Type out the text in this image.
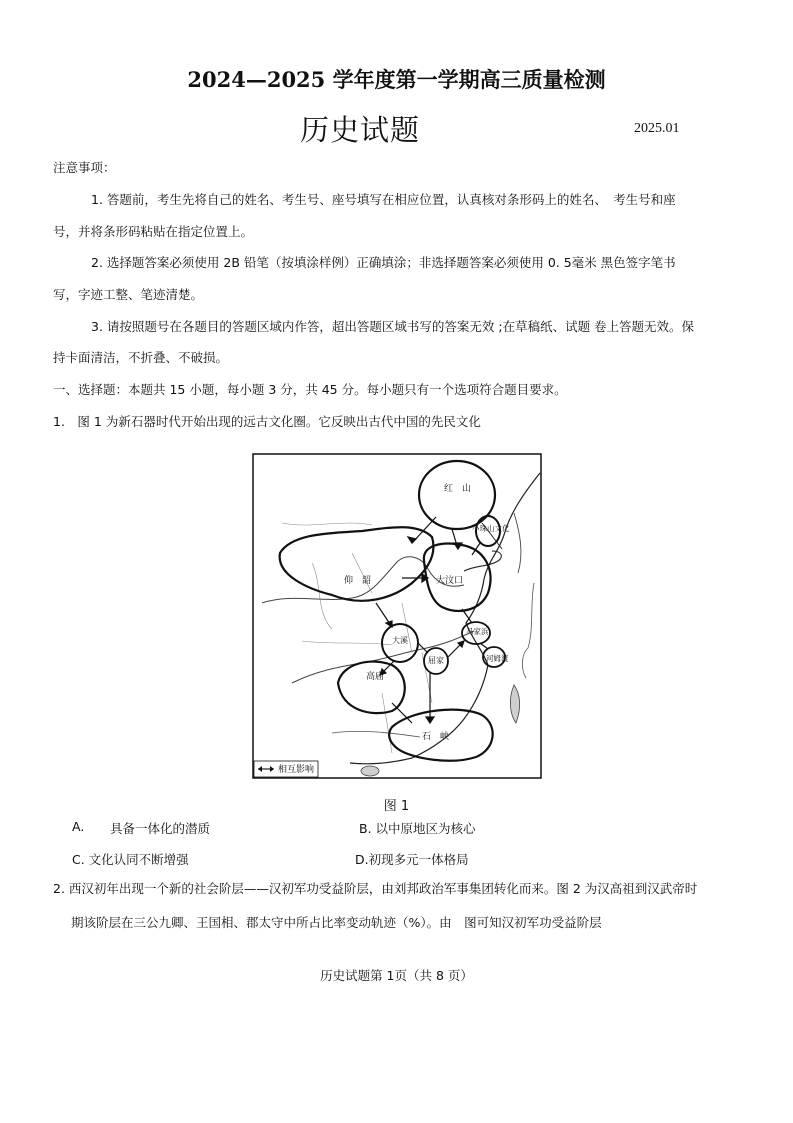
2024—2025 学年度第一学期高三质量检测
历史试题	2025.01
注意事项：
1. 答题前，考生先将自己的姓名、考生号、座号填写在相应位置，认真核对条形码上的姓名、　考生号和座
号，并将条形码粘贴在指定位置上。
2. 选择题答案必须使用 2B 铅笔（按填涂样例）正确填涂；非选择题答案必须使用 0. 5毫米 黑色签字笔书
写，字迹工整、笔迹清楚。
3. 请按照题号在各题目的答题区域内作答，超出答题区域书写的答案无效 ;在草稿纸、试题 卷上答题无效。保
持卡面清洁，不折叠、不破损。
一、选择题：本题共 15 小题，每小题 3 分，共 45 分。每小题只有一个选项符合题目要求。
1.　图 1 为新石器时代开始出现的远古文化圈。它反映出古代中国的先民文化
红　山
小珠山文化
仰　韶	大汶口
马家浜
河姆渡
大溪
屈家
高庙
石　峡
相互影响
图 1
A. 具备一体化的潜质	B. 以中原地区为核心
C. 文化认同不断增强	D.初现多元一体格局
2. 西汉初年出现一个新的社会阶层——汉初军功受益阶层，由刘邦政治军事集团转化而来。图 2 为汉高祖到汉武帝时
期该阶层在三公九卿、王国相、郡太守中所占比率变动轨迹（%）。由　图可知汉初军功受益阶层
历史试题第 1页（共 8 页）
